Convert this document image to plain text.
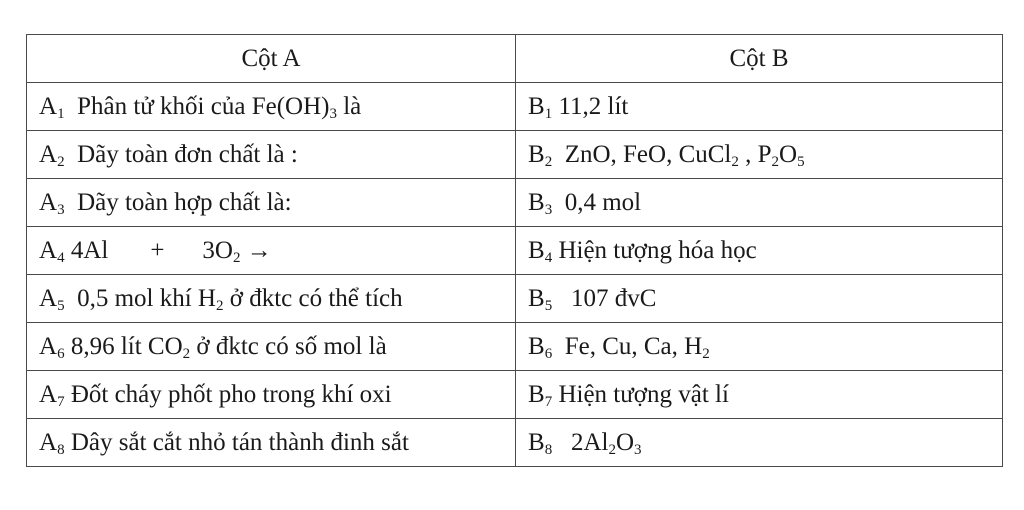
Cột A	Cột B
$A_1$ Phân tử khối của $Fe(OH)_3$ là	$B_1$ 11,2 lít
$A_2$ Dãy toàn đơn chất là :	$B_2$ ZnO, FeO, CuCl$_2$ , $P_2O_5$
$A_3$ Dãy toàn hợp chất là:	$B_3$ 0,4 mol
$A_4$ $4Al + 3O_2$ →	$B_4$ Hiện tượng hóa học
$A_5$ 0,5 mol khí $H_2$ ở đktc có thể tích	$B_5$ 107 đvC
$A_6$ 8,96 lít $CO_2$ ở đktc có số mol là	$B_6$ Fe, Cu, Ca, $H_2$
$A_7$ Đốt cháy phốt pho trong khí oxi	$B_7$ Hiện tượng vật lí
$A_8$ Dây sắt cắt nhỏ tán thành đinh sắt	$B_8$ $2Al_2O_3$
